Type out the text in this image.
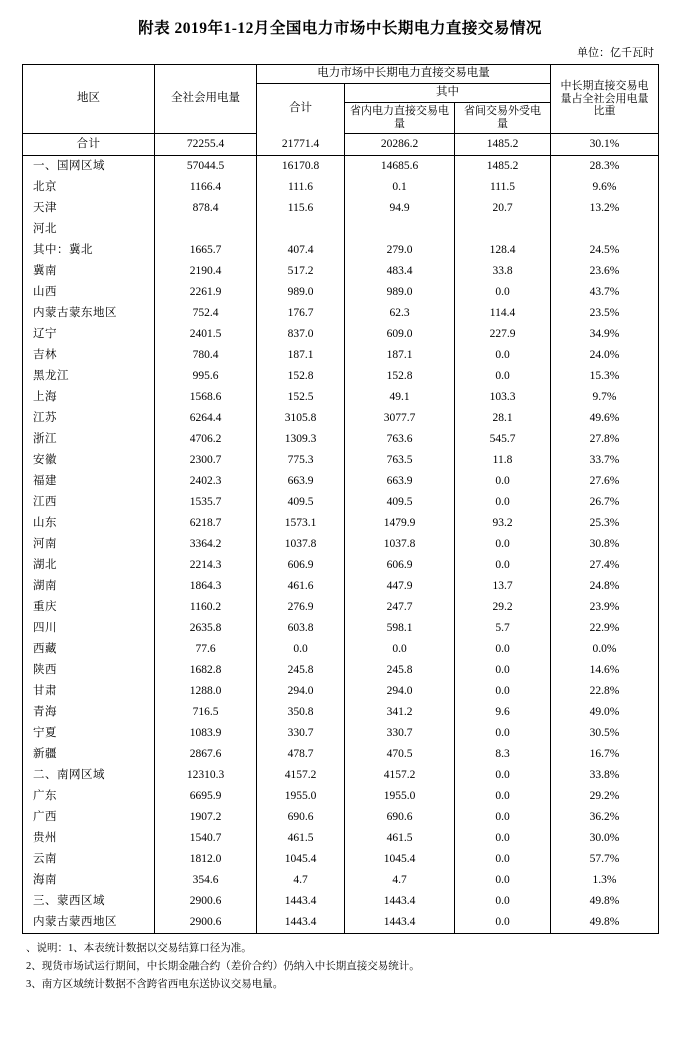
附表 2019年1-12月全国电力市场中长期电力直接交易情况
单位：亿千瓦时
地区	全社会用电量	电力市场中长期电力直接交易电量			中长期直接交易电量占全社会用电量比重
		合计	其中		
			省内电力直接交易电量	省间交易外受电量	
合计	72255.4	21771.4	20286.2	1485.2	30.1%
一、国网区域	57044.5	16170.8	14685.6	1485.2	28.3%
北京	1166.4	111.6	0.1	111.5	9.6%
天津	878.4	115.6	94.9	20.7	13.2%
河北					
其中：冀北	1665.7	407.4	279.0	128.4	24.5%
冀南	2190.4	517.2	483.4	33.8	23.6%
山西	2261.9	989.0	989.0	0.0	43.7%
内蒙古蒙东地区	752.4	176.7	62.3	114.4	23.5%
辽宁	2401.5	837.0	609.0	227.9	34.9%
吉林	780.4	187.1	187.1	0.0	24.0%
黑龙江	995.6	152.8	152.8	0.0	15.3%
上海	1568.6	152.5	49.1	103.3	9.7%
江苏	6264.4	3105.8	3077.7	28.1	49.6%
浙江	4706.2	1309.3	763.6	545.7	27.8%
安徽	2300.7	775.3	763.5	11.8	33.7%
福建	2402.3	663.9	663.9	0.0	27.6%
江西	1535.7	409.5	409.5	0.0	26.7%
山东	6218.7	1573.1	1479.9	93.2	25.3%
河南	3364.2	1037.8	1037.8	0.0	30.8%
湖北	2214.3	606.9	606.9	0.0	27.4%
湖南	1864.3	461.6	447.9	13.7	24.8%
重庆	1160.2	276.9	247.7	29.2	23.9%
四川	2635.8	603.8	598.1	5.7	22.9%
西藏	77.6	0.0	0.0	0.0	0.0%
陕西	1682.8	245.8	245.8	0.0	14.6%
甘肃	1288.0	294.0	294.0	0.0	22.8%
青海	716.5	350.8	341.2	9.6	49.0%
宁夏	1083.9	330.7	330.7	0.0	30.5%
新疆	2867.6	478.7	470.5	8.3	16.7%
二、南网区域	12310.3	4157.2	4157.2	0.0	33.8%
广东	6695.9	1955.0	1955.0	0.0	29.2%
广西	1907.2	690.6	690.6	0.0	36.2%
贵州	1540.7	461.5	461.5	0.0	30.0%
云南	1812.0	1045.4	1045.4	0.0	57.7%
海南	354.6	4.7	4.7	0.0	1.3%
三、蒙西区域	2900.6	1443.4	1443.4	0.0	49.8%
内蒙古蒙西地区	2900.6	1443.4	1443.4	0.0	49.8%
、说明：1、本表统计数据以交易结算口径为准。
2、现货市场试运行期间，中长期金融合约（差价合约）仍纳入中长期直接交易统计。
3、南方区域统计数据不含跨省西电东送协议交易电量。
